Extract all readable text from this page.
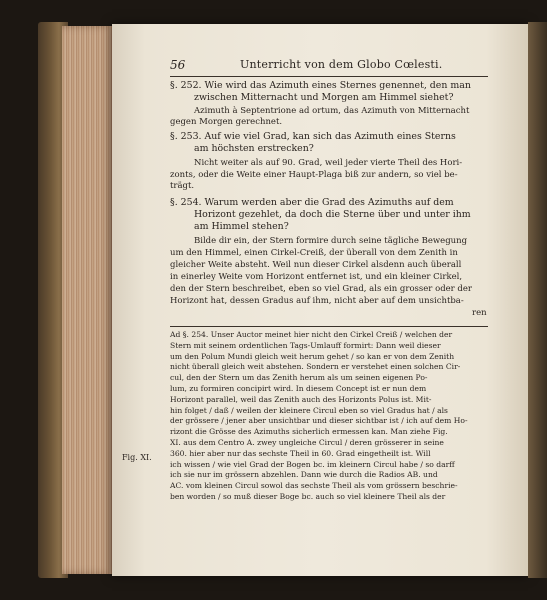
56	Unterricht von dem Globo Cœlesti.
§. 252. Wie wird das Azimuth eines Sternes genennet, den man
zwischen Mitternacht und Morgen am Himmel siehet?
Azimuth à Septentrione ad ortum, das Azimuth von Mitternacht
gegen Morgen gerechnet.
§. 253. Auf wie viel Grad, kan sich das Azimuth eines Sterns
am höchsten erstrecken?
Nicht weiter als auf 90. Grad, weil jeder vierte Theil des Hori-
zonts, oder die Weite einer Haupt-Plaga biß zur andern, so viel be-
trägt.
§. 254. Warum werden aber die Grad des Azimuths auf dem
Horizont gezehlet, da doch die Sterne über und unter ihm
am Himmel stehen?
Bilde dir ein, der Stern formire durch seine tägliche Bewegung
um den Himmel, einen Cirkel-Creiß, der überall von dem Zenith in
gleicher Weite absteht. Weil nun dieser Cirkel alsdenn auch überall
in einerley Weite vom Horizont entfernet ist, und ein kleiner Cirkel,
den der Stern beschreibet, eben so viel Grad, als ein grosser oder der
Horizont hat, dessen Gradus auf ihm, nicht aber auf dem unsichtba-
ren
Ad §. 254. Unser Auctor meinet hier nicht den Cirkel Creiß / welchen der
Stern mit seinem ordentlichen Tags-Umlauff formirt: Dann weil dieser
um den Polum Mundi gleich weit herum gehet / so kan er von dem Zenith
nicht überall gleich weit abstehen. Sondern er verstehet einen solchen Cir-
cul, den der Stern um das Zenith herum als um seinen eigenen Po-
lum, zu formiren concipirt wird. In diesem Concept ist er nun dem
Horizont parallel, weil das Zenith auch des Horizonts Polus ist. Mit-
hin folget / daß / weilen der kleinere Circul eben so viel Gradus hat / als
der grössere / jener aber unsichtbar und dieser sichtbar ist / ich auf dem Ho-
rizont die Grösse des Azimuths sicherlich ermessen kan. Man ziehe Fig.
XI. aus dem Centro A. zwey ungleiche Circul / deren grösserer in seine
360. hier aber nur das sechste Theil in 60. Grad eingetheilt ist. Will
ich wissen / wie viel Grad der Bogen bc. im kleinern Circul habe / so darff
ich sie nur im grössern abzehlen. Dann wie durch die Radios AB. und
AC. vom kleinen Circul sowol das sechste Theil als vom grössern beschrie-
ben worden / so muß dieser Boge bc. auch so viel kleinere Theil als der
Fig. XI.
